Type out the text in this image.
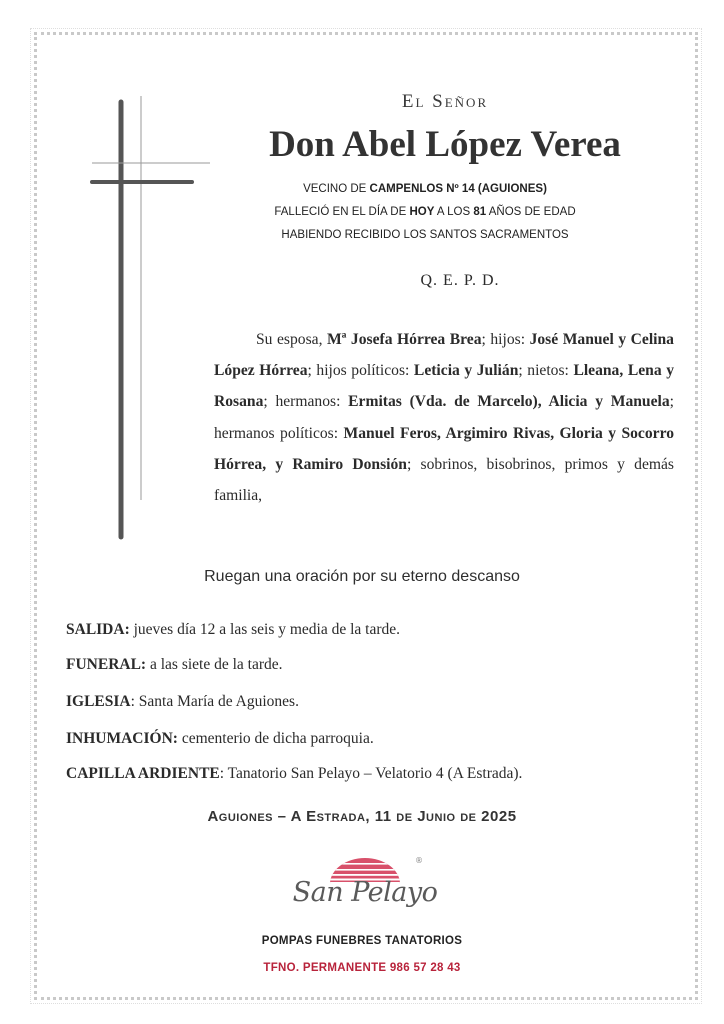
El Señor
Don Abel López Verea
VECINO DE CAMPENLOS Nº 14 (AGUIONES)
FALLECIÓ EN EL DÍA DE HOY A LOS 81 AÑOS DE EDAD
HABIENDO RECIBIDO LOS SANTOS SACRAMENTOS
Q. E. P. D.
Su esposa, Mª Josefa Hórrea Brea; hijos: José Manuel y Celina López Hórrea; hijos políticos: Leticia y Julián; nietos: Lleana, Lena y Rosana; hermanos: Ermitas (Vda. de Marcelo), Alicia y Manuela; hermanos políticos: Manuel Feros, Argimiro Rivas, Gloria y Socorro Hórrea, y Ramiro Donsión; sobrinos, bisobrinos, primos y demás familia,
Ruegan una oración por su eterno descanso
SALIDA: jueves día 12 a las seis y media de la tarde.
FUNERAL: a las siete de la tarde.
IGLESIA: Santa María de Aguiones.
INHUMACIÓN: cementerio de dicha parroquia.
CAPILLA ARDIENTE: Tanatorio San Pelayo – Velatorio 4 (A Estrada).
Aguiones – A Estrada, 11 de Junio de 2025
®
San Pelayo
POMPAS FUNEBRES TANATORIOS
TFNO. PERMANENTE 986 57 28 43
